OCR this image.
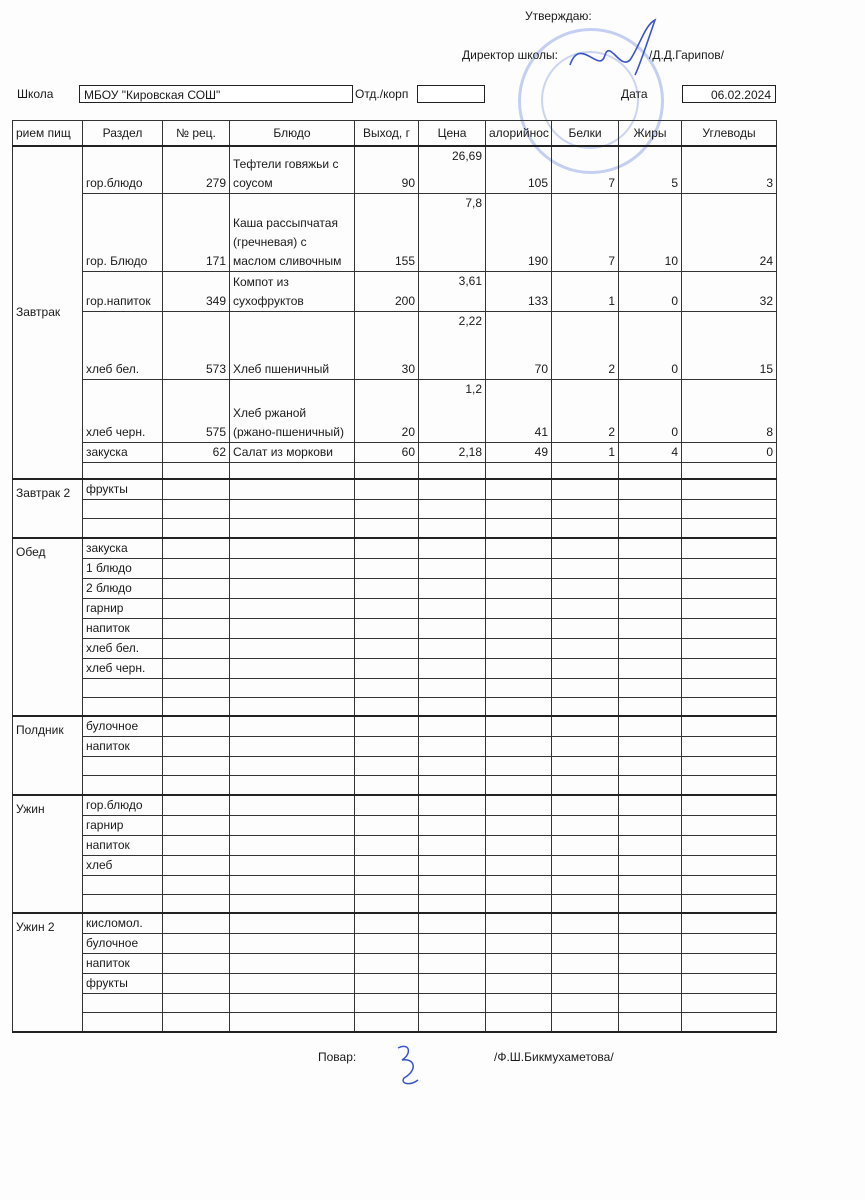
Утверждаю:
Директор школы:	/Д.Д.Гарипов/
Школа	МБОУ "Кировская СОШ"	Отд./корп	Дата	06.02.2024
рием пищ	Раздел	№ рец.	Блюдо	Выход, г	Цена	алорийнос	Белки	Жиры	Углеводы
Завтрак	гор.блюдо	279	Тефтели говяжьи с соусом	90	26,69	105	7	5	3
	гор. Блюдо	171	Каша рассыпчатая (гречневая) с маслом сливочным	155	7,8	190	7	10	24
	гор.напиток	349	Компот из сухофруктов	200	3,61	133	1	0	32
	хлеб бел.	573	Хлеб пшеничный	30	2,22	70	2	0	15
	хлеб черн.	575	Хлеб ржаной (ржано-пшеничный)	20	1,2	41	2	0	8
	закуска	62	Салат из моркови	60	2,18	49	1	4	0

Завтрак 2	фрукты								

Обед	закуска								
	1 блюдо								
	2 блюдо								
	гарнир								
	напиток								
	хлеб бел.								
	хлеб черн.								

Полдник	булочное								
	напиток								

Ужин	гор.блюдо								
	гарнир								
	напиток								
	хлеб								

Ужин 2	кисломол.								
	булочное								
	напиток								
	фрукты								

Повар:	/Ф.Ш.Бикмухаметова/
